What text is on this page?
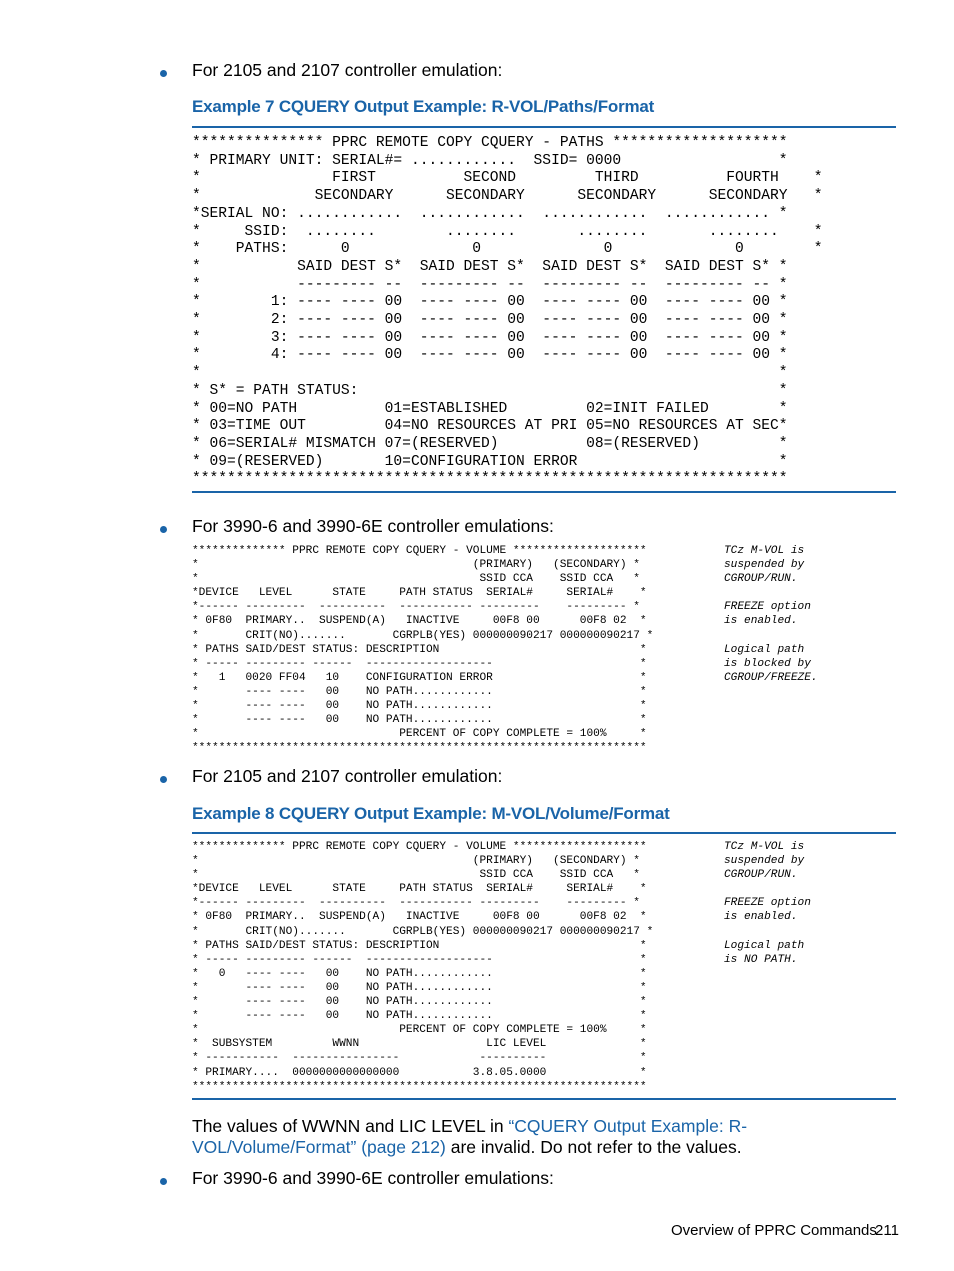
For 2105 and 2107 controller emulation:
Example 7 CQUERY Output Example: R-VOL/Paths/Format
*************** PPRC REMOTE COPY CQUERY - PATHS ********************
* PRIMARY UNIT: SERIAL#= ............  SSID= 0000                  *
*               FIRST          SECOND         THIRD          FOURTH    *
*             SECONDARY      SECONDARY      SECONDARY      SECONDARY   *
*SERIAL NO: ............  ............  ............  ............ *
*     SSID:  ........        ........       ........       ........    *
*    PATHS:      0              0              0              0        *
*           SAID DEST S*  SAID DEST S*  SAID DEST S*  SAID DEST S* *
*           --------- --  --------- --  --------- --  --------- -- *
*        1: ---- ---- 00  ---- ---- 00  ---- ---- 00  ---- ---- 00 *
*        2: ---- ---- 00  ---- ---- 00  ---- ---- 00  ---- ---- 00 *
*        3: ---- ---- 00  ---- ---- 00  ---- ---- 00  ---- ---- 00 *
*        4: ---- ---- 00  ---- ---- 00  ---- ---- 00  ---- ---- 00 *
*                                                                  *
* S* = PATH STATUS:                                                *
* 00=NO PATH          01=ESTABLISHED         02=INIT FAILED        *
* 03=TIME OUT         04=NO RESOURCES AT PRI 05=NO RESOURCES AT SEC*
* 06=SERIAL# MISMATCH 07=(RESERVED)          08=(RESERVED)         *
* 09=(RESERVED)       10=CONFIGURATION ERROR                       *
********************************************************************
For 3990-6 and 3990-6E controller emulations:
************** PPRC REMOTE COPY CQUERY - VOLUME ********************
*                                         (PRIMARY)   (SECONDARY) *
*                                          SSID CCA    SSID CCA   *
*DEVICE   LEVEL      STATE     PATH STATUS  SERIAL#     SERIAL#    *
*------ ---------  ----------  ----------- ---------    --------- *
* 0F80  PRIMARY..  SUSPEND(A)   INACTIVE     00F8 00      00F8 02  *
*       CRIT(NO).......       CGRPLB(YES) 000000090217 000000090217 *
* PATHS SAID/DEST STATUS: DESCRIPTION                              *
* ----- --------- ------  -------------------                      *
*   1   0020 FF04   10    CONFIGURATION ERROR                      *
*       ---- ----   00    NO PATH............                      *
*       ---- ----   00    NO PATH............                      *
*       ---- ----   00    NO PATH............                      *
*                              PERCENT OF COPY COMPLETE = 100%     *
********************************************************************
TCz M-VOL is
suspended by
CGROUP/RUN.

FREEZE option
is enabled.

Logical path
is blocked by
CGROUP/FREEZE.
For 2105 and 2107 controller emulation:
Example 8 CQUERY Output Example: M-VOL/Volume/Format
************** PPRC REMOTE COPY CQUERY - VOLUME ********************
*                                         (PRIMARY)   (SECONDARY) *
*                                          SSID CCA    SSID CCA   *
*DEVICE   LEVEL      STATE     PATH STATUS  SERIAL#     SERIAL#    *
*------ ---------  ----------  ----------- ---------    --------- *
* 0F80  PRIMARY..  SUSPEND(A)   INACTIVE     00F8 00      00F8 02  *
*       CRIT(NO).......       CGRPLB(YES) 000000090217 000000090217 *
* PATHS SAID/DEST STATUS: DESCRIPTION                              *
* ----- --------- ------  -------------------                      *
*   0   ---- ----   00    NO PATH............                      *
*       ---- ----   00    NO PATH............                      *
*       ---- ----   00    NO PATH............                      *
*       ---- ----   00    NO PATH............                      *
*                              PERCENT OF COPY COMPLETE = 100%     *
*  SUBSYSTEM         WWNN                   LIC LEVEL              *
* -----------  ----------------            ----------              *
* PRIMARY....  0000000000000000           3.8.05.0000              *
********************************************************************
TCz M-VOL is
suspended by
CGROUP/RUN.

FREEZE option
is enabled.

Logical path
is NO PATH.
The values of WWNN and LIC LEVEL in “CQUERY Output Example: R-VOL/Volume/Format” (page 212) are invalid. Do not refer to the values.
For 3990-6 and 3990-6E controller emulations:
Overview of PPRC Commands
211
